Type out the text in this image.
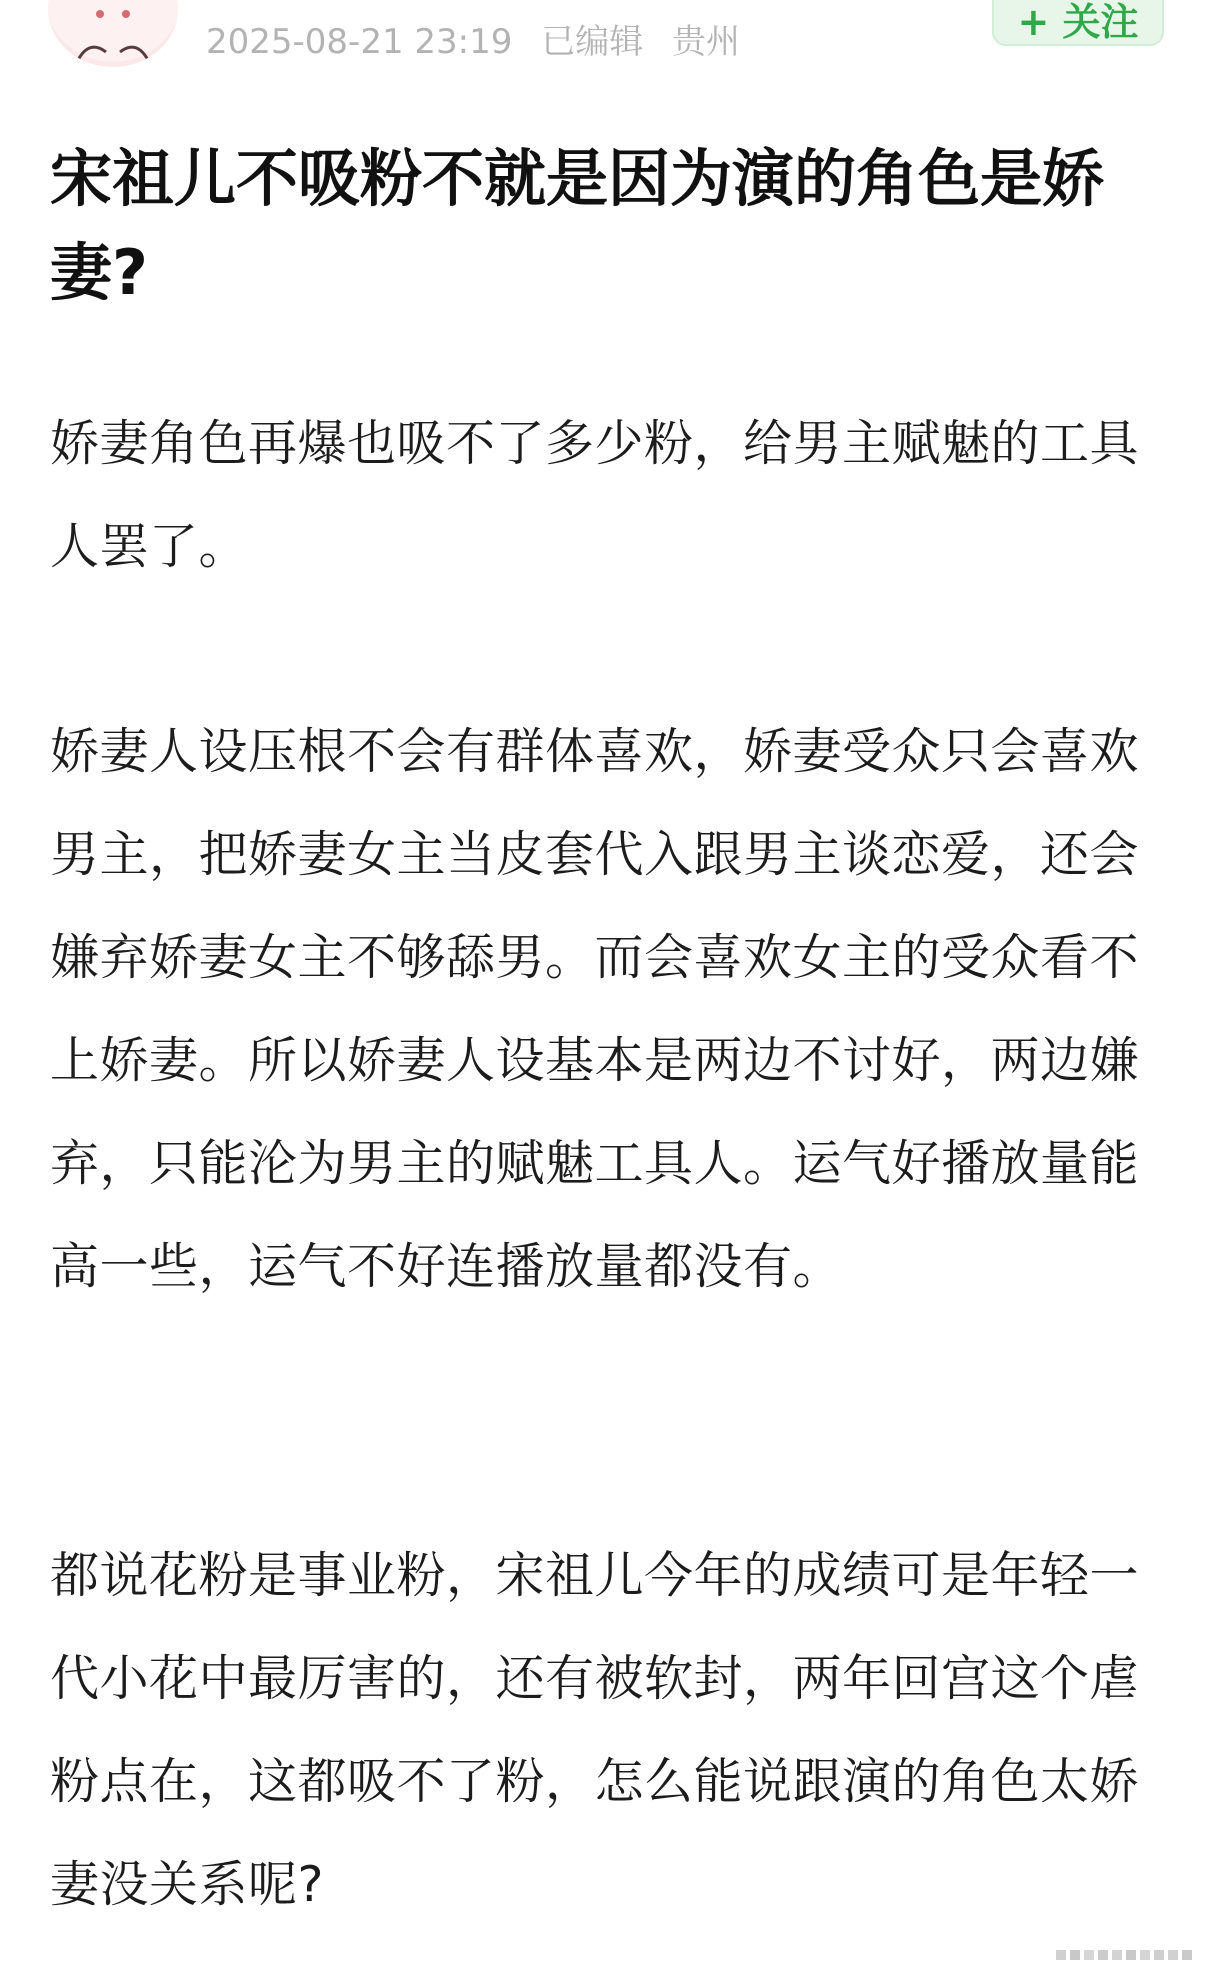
2025-08-21 23:19 已编辑 贵州	+ 关注
宋祖儿不吸粉不就是因为演的角色是娇妻?

娇妻角色再爆也吸不了多少粉，给男主赋魅的工具人罢了。

娇妻人设压根不会有群体喜欢，娇妻受众只会喜欢男主，把娇妻女主当皮套代入跟男主谈恋爱，还会嫌弃娇妻女主不够舔男。而会喜欢女主的受众看不上娇妻。所以娇妻人设基本是两边不讨好，两边嫌弃，只能沦为男主的赋魅工具人。运气好播放量能高一些，运气不好连播放量都没有。

都说花粉是事业粉，宋祖儿今年的成绩可是年轻一代小花中最厉害的，还有被软封，两年回宫这个虐粉点在，这都吸不了粉，怎么能说跟演的角色太娇妻没关系呢?
